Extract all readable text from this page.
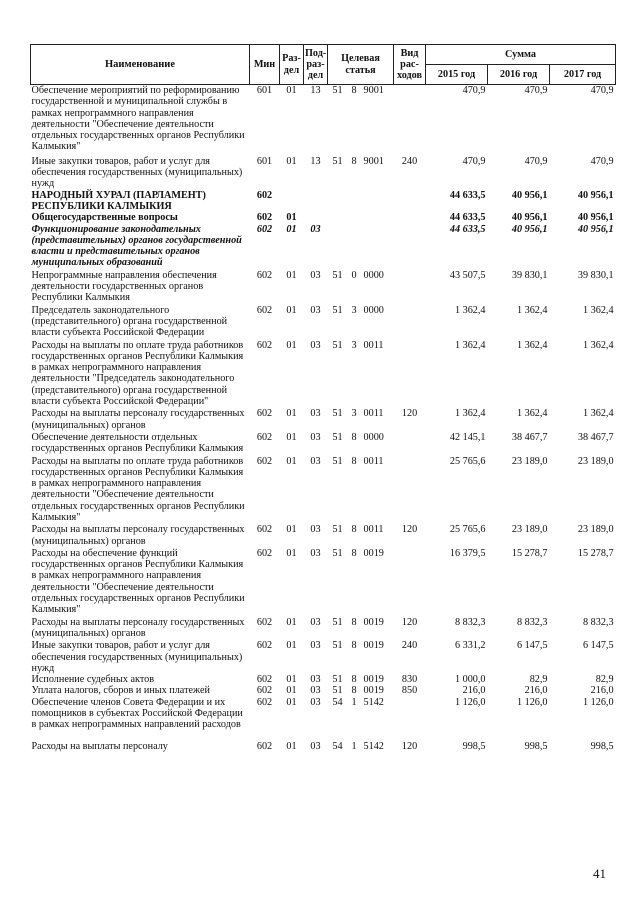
Наименование	Мин	Раз-дел	Под-раз-дел	Целевая статья			Вид рас-ходов	Сумма		
								2015 год	2016 год	2017 год
Обеспечение мероприятий по реформированию государственной и муниципальной службы в рамках непрограммного направления деятельности "Обеспечение деятельности отдельных государственных органов Республики Калмыкия"	601	01	13	51	8	9001		470,9	470,9	470,9
Иные закупки товаров, работ и услуг для обеспечения государственных (муниципальных) нужд	601	01	13	51	8	9001	240	470,9	470,9	470,9
НАРОДНЫЙ ХУРАЛ (ПАРЛАМЕНТ) РЕСПУБЛИКИ КАЛМЫКИЯ	602							44 633,5	40 956,1	40 956,1
Общегосударственные вопросы	602	01						44 633,5	40 956,1	40 956,1
Функционирование законодательных (представительных) органов государственной власти и представительных органов муниципальных образований	602	01	03					44 633,5	40 956,1	40 956,1
Непрограммные направления обеспечения деятельности государственных органов Республики Калмыкия	602	01	03	51	0	0000		43 507,5	39 830,1	39 830,1
Председатель законодательного (представительного) органа государственной власти субъекта Российской Федерации	602	01	03	51	3	0000		1 362,4	1 362,4	1 362,4
Расходы на выплаты по оплате труда работников государственных органов Республики Калмыкия в рамках непрограммного направления деятельности "Председатель законодательного (представительного) органа государственной власти субъекта Российской Федерации"	602	01	03	51	3	0011		1 362,4	1 362,4	1 362,4
Расходы на выплаты персоналу государственных (муниципальных) органов	602	01	03	51	3	0011	120	1 362,4	1 362,4	1 362,4
Обеспечение деятельности отдельных государственных органов Республики Калмыкия	602	01	03	51	8	0000		42 145,1	38 467,7	38 467,7
Расходы на выплаты по оплате труда работников государственных органов Республики Калмыкия в рамках непрограммного направления деятельности "Обеспечение деятельности отдельных государственных органов Республики Калмыкия"	602	01	03	51	8	0011		25 765,6	23 189,0	23 189,0
Расходы на выплаты персоналу государственных (муниципальных) органов	602	01	03	51	8	0011	120	25 765,6	23 189,0	23 189,0
Расходы на обеспечение функций государственных органов Республики Калмыкия в рамках непрограммного направления деятельности "Обеспечение деятельности отдельных государственных органов Республики Калмыкия"	602	01	03	51	8	0019		16 379,5	15 278,7	15 278,7
Расходы на выплаты персоналу государственных (муниципальных) органов	602	01	03	51	8	0019	120	8 832,3	8 832,3	8 832,3
Иные закупки товаров, работ и услуг для обеспечения государственных (муниципальных) нужд	602	01	03	51	8	0019	240	6 331,2	6 147,5	6 147,5
Исполнение судебных актов	602	01	03	51	8	0019	830	1 000,0	82,9	82,9
Уплата налогов, сборов и иных платежей	602	01	03	51	8	0019	850	216,0	216,0	216,0
Обеспечение членов Совета Федерации и их помощников в субъектах Российской Федерации в рамках непрограммных направлений расходов	602	01	03	54	1	5142		1 126,0	1 126,0	1 126,0
Расходы на выплаты персоналу	602	01	03	54	1	5142	120	998,5	998,5	998,5
41
